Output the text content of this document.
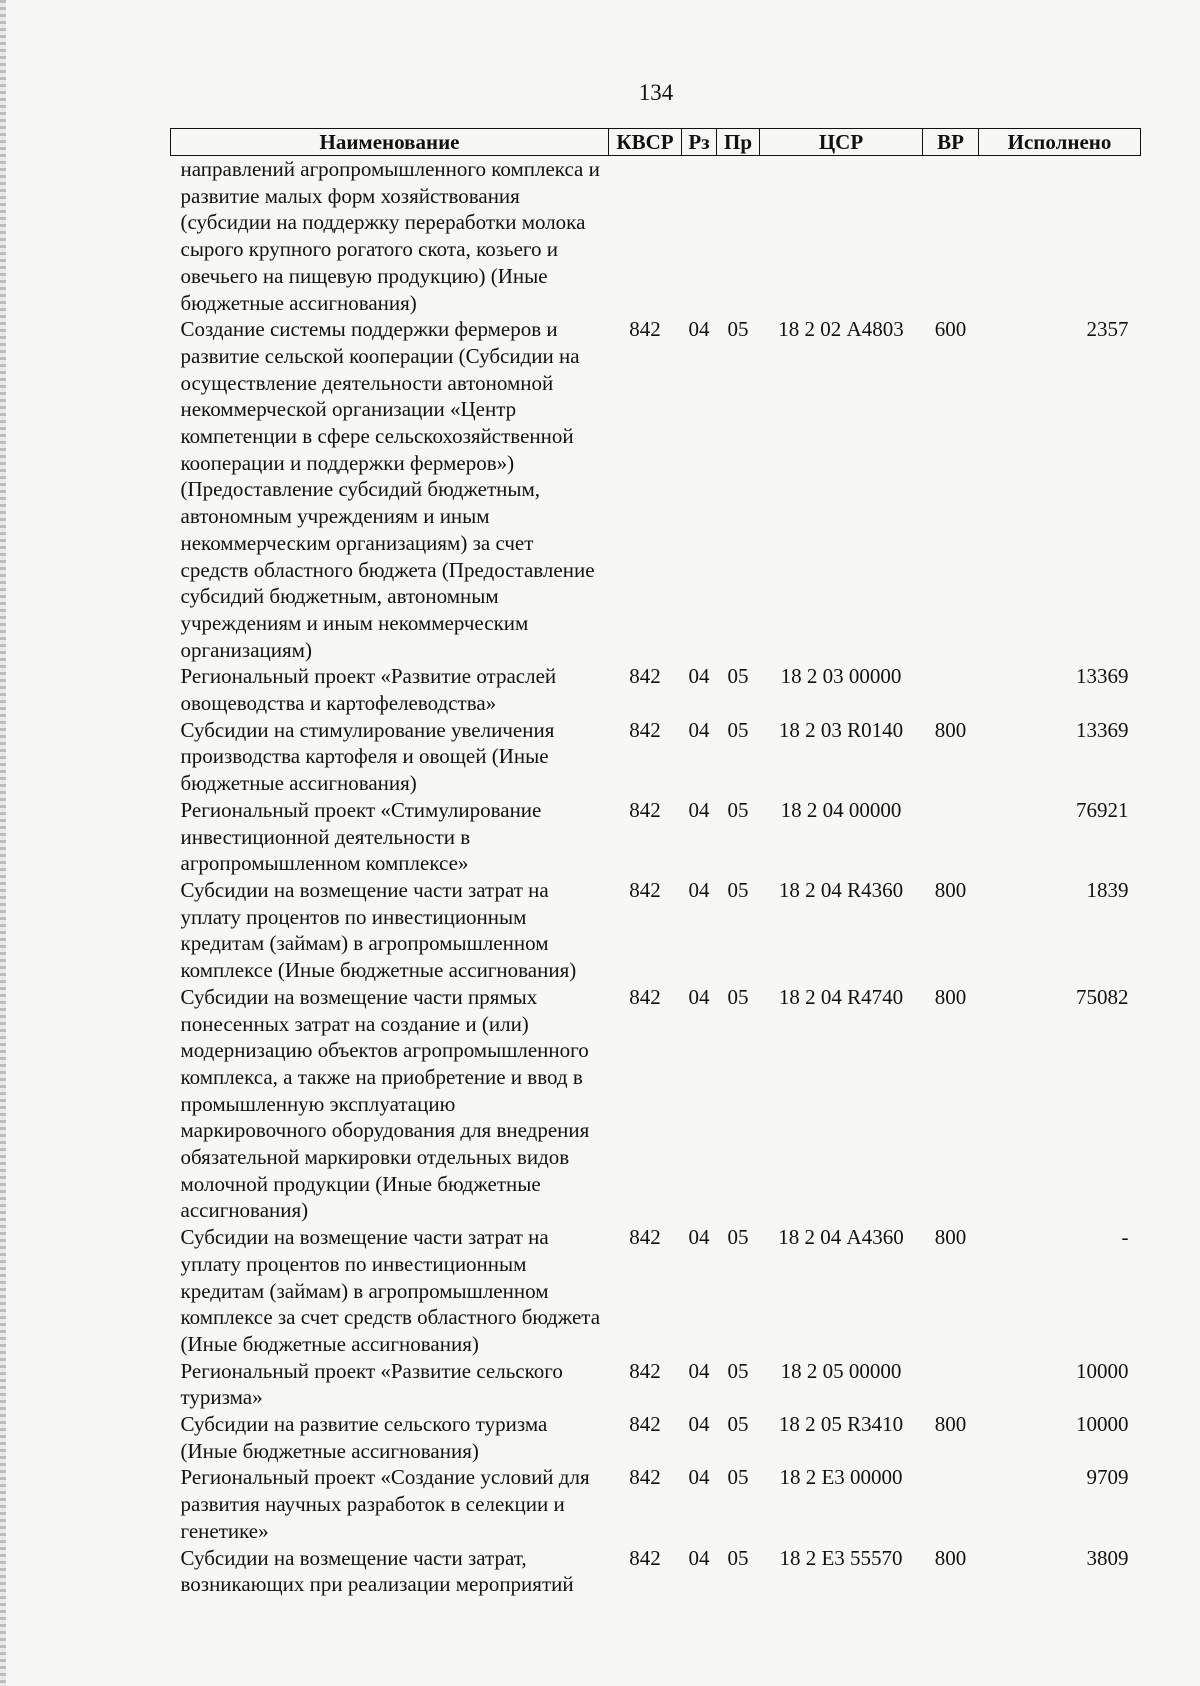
134
Наименование	КВСР	Рз	Пр	ЦСР	ВР	Исполнено
направлений агропромышленного комплекса и развитие малых форм хозяйствования (субсидии на поддержку переработки молока сырого крупного рогатого скота, козьего и овечьего на пищевую продукцию) (Иные бюджетные ассигнования)						
Создание системы поддержки фермеров и развитие сельской кооперации (Субсидии на осуществление деятельности автономной некоммерческой организации «Центр компетенции в сфере сельскохозяйственной кооперации и поддержки фермеров») (Предоставление субсидий бюджетным, автономным учреждениям и иным некоммерческим организациям) за счет средств областного бюджета (Предоставление субсидий бюджетным, автономным учреждениям и иным некоммерческим организациям)	842	04	05	18 2 02 А4803	600	2357
Региональный проект «Развитие отраслей овощеводства и картофелеводства»	842	04	05	18 2 03 00000		13369
Субсидии на стимулирование увеличения производства картофеля и овощей (Иные бюджетные ассигнования)	842	04	05	18 2 03 R0140	800	13369
Региональный проект «Стимулирование инвестиционной деятельности в агропромышленном комплексе»	842	04	05	18 2 04 00000		76921
Субсидии на возмещение части затрат на уплату процентов по инвестиционным кредитам (займам) в агропромышленном комплексе (Иные бюджетные ассигнования)	842	04	05	18 2 04 R4360	800	1839
Субсидии на возмещение части прямых понесенных затрат на создание и (или) модернизацию объектов агропромышленного комплекса, а также на приобретение и ввод в промышленную эксплуатацию маркировочного оборудования для внедрения обязательной маркировки отдельных видов молочной продукции (Иные бюджетные ассигнования)	842	04	05	18 2 04 R4740	800	75082
Субсидии на возмещение части затрат на уплату процентов по инвестиционным кредитам (займам) в агропромышленном комплексе за счет средств областного бюджета (Иные бюджетные ассигнования)	842	04	05	18 2 04 А4360	800	-
Региональный проект «Развитие сельского туризма»	842	04	05	18 2 05 00000		10000
Субсидии на развитие сельского туризма (Иные бюджетные ассигнования)	842	04	05	18 2 05 R3410	800	10000
Региональный проект «Создание условий для развития научных разработок в селекции и генетике»	842	04	05	18 2 E3 00000		9709
Субсидии на возмещение части затрат, возникающих при реализации мероприятий	842	04	05	18 2 E3 55570	800	3809
